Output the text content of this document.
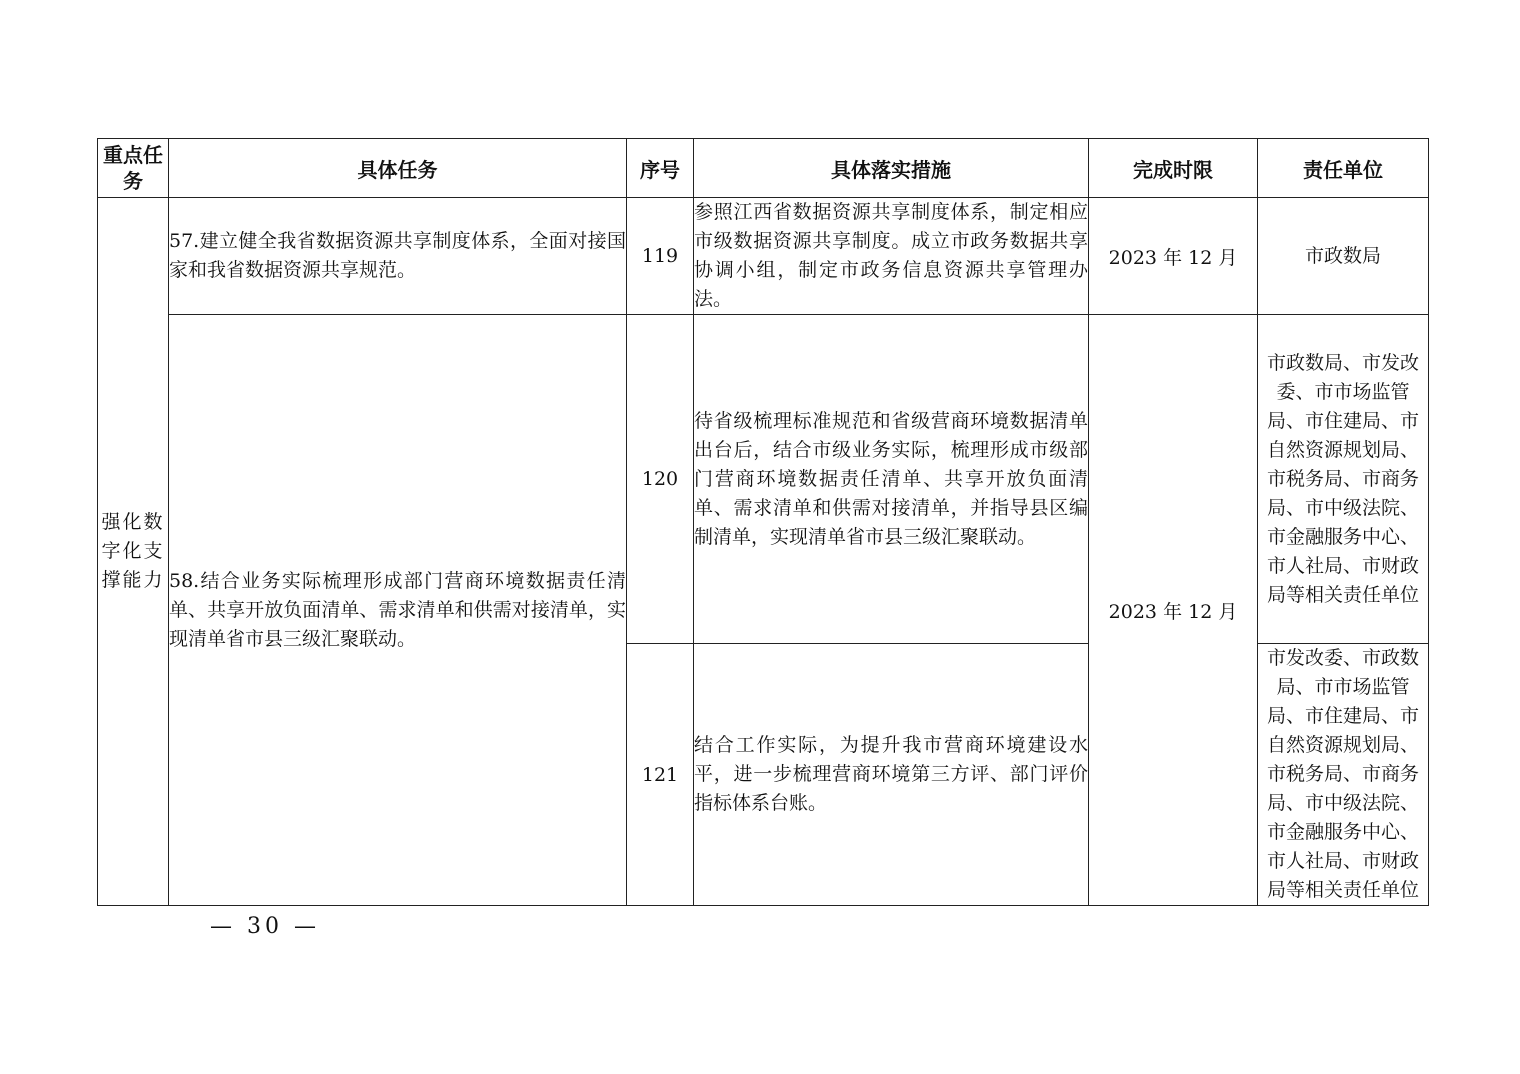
重点任务	具体任务	序号	具体落实措施	完成时限	责任单位
强化数字化支撑能力	57.建立健全我省数据资源共享制度体系，全面对接国家和我省数据资源共享规范。	119	参照江西省数据资源共享制度体系，制定相应市级数据资源共享制度。成立市政务数据共享协调小组，制定市政务信息资源共享管理办法。	2023 年 12 月	市政数局
	58.结合业务实际梳理形成部门营商环境数据责任清单、共享开放负面清单、需求清单和供需对接清单，实现清单省市县三级汇聚联动。	120	待省级梳理标准规范和省级营商环境数据清单出台后，结合市级业务实际，梳理形成市级部门营商环境数据责任清单、共享开放负面清单、需求清单和供需对接清单，并指导县区编制清单，实现清单省市县三级汇聚联动。	2023 年 12 月	市政数局、市发改委、市市场监管局、市住建局、市自然资源规划局、市税务局、市商务局、市中级法院、市金融服务中心、市人社局、市财政局等相关责任单位
		121	结合工作实际，为提升我市营商环境建设水平，进一步梳理营商环境第三方评、部门评价指标体系台账。		市发改委、市政数局、市市场监管局、市住建局、市自然资源规划局、市税务局、市商务局、市中级法院、市金融服务中心、市人社局、市财政局等相关责任单位
— 30 —
